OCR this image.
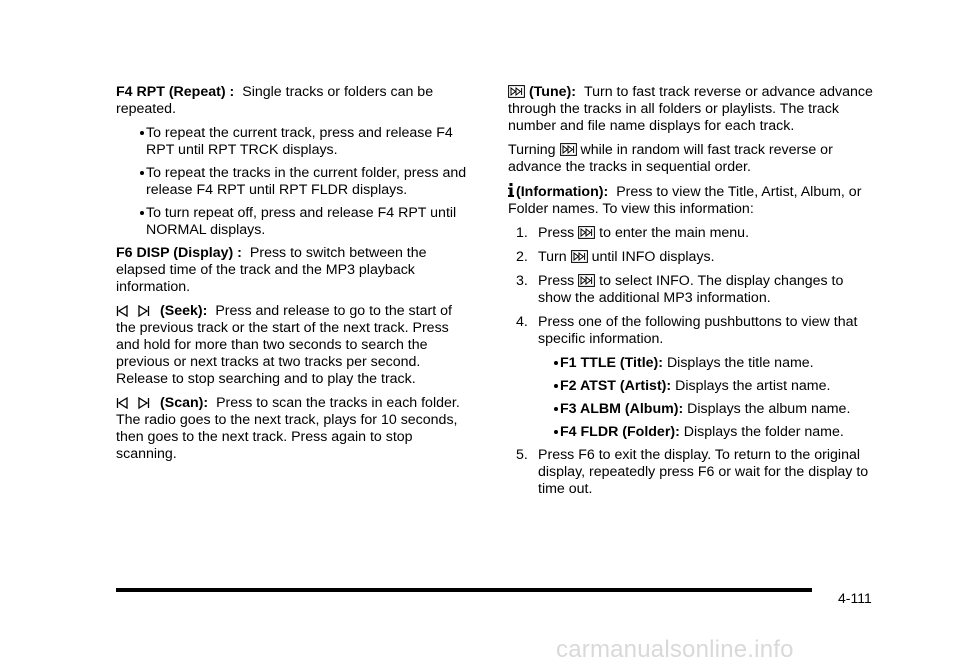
F4 RPT (Repeat) : Single tracks or folders can be repeated.

To repeat the current track, press and release F4 RPT until RPT TRCK displays.
To repeat the tracks in the current folder, press and release F4 RPT until RPT FLDR displays.
To turn repeat off, press and release F4 RPT until NORMAL displays.

F6 DISP (Display) : Press to switch between the elapsed time of the track and the MP3 playback information.

(Seek): Press and release to go to the start of the previous track or the start of the next track. Press and hold for more than two seconds to search the previous or next tracks at two tracks per second. Release to stop searching and to play the track.

(Scan): Press to scan the tracks in each folder. The radio goes to the next track, plays for 10 seconds, then goes to the next track. Press again to stop scanning.

(Tune): Turn to fast track reverse or advance advance through the tracks in all folders or playlists. The track number and file name displays for each track.

Turning while in random will fast track reverse or advance the tracks in sequential order.

(Information): Press to view the Title, Artist, Album, or Folder names. To view this information:

1. Press to enter the main menu.
2. Turn until INFO displays.
3. Press to select INFO. The display changes to show the additional MP3 information.
4. Press one of the following pushbuttons to view that specific information.
F1 TTLE (Title): Displays the title name.
F2 ATST (Artist): Displays the artist name.
F3 ALBM (Album): Displays the album name.
F4 FLDR (Folder): Displays the folder name.
5. Press F6 to exit the display. To return to the original display, repeatedly press F6 or wait for the display to time out.
4-111
carmanualsonline.info
